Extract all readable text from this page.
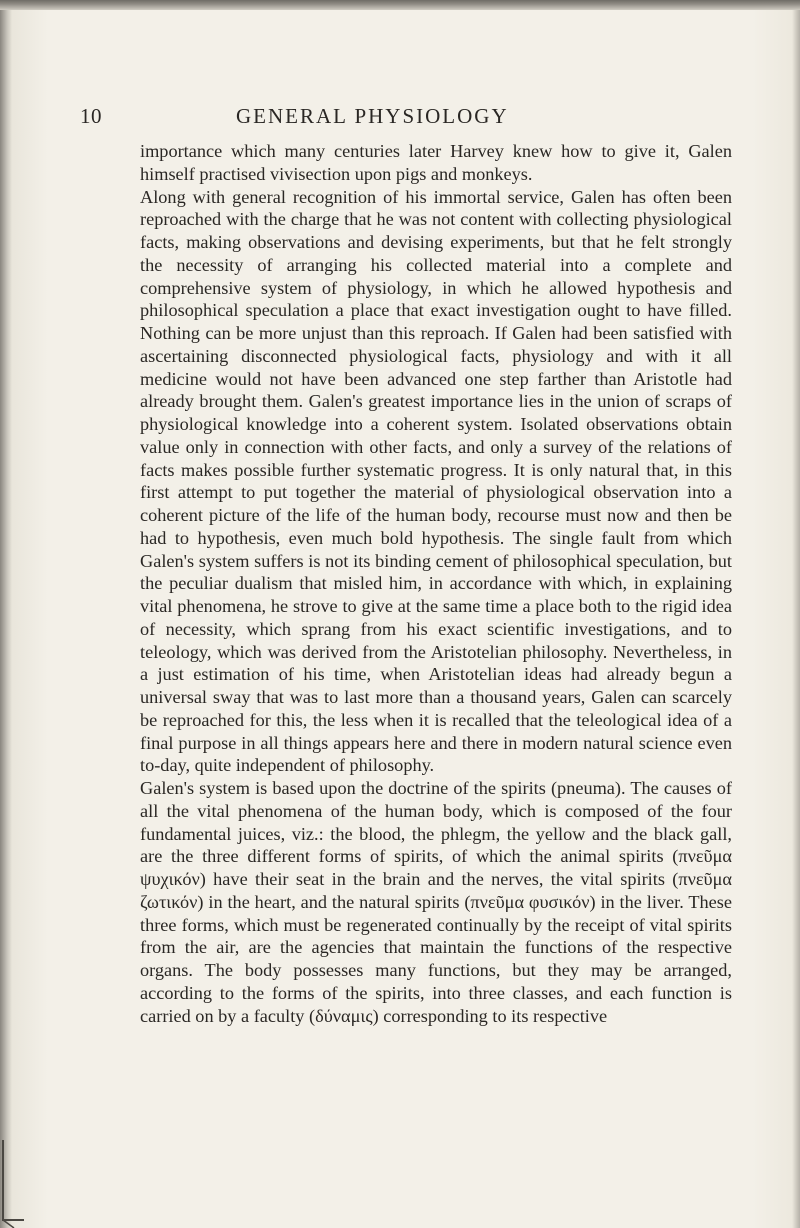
10	GENERAL PHYSIOLOGY

importance which many centuries later Harvey knew how to give it, Galen himself practised vivisection upon pigs and monkeys.

Along with general recognition of his immortal service, Galen has often been reproached with the charge that he was not content with collecting physiological facts, making observations and devising experiments, but that he felt strongly the necessity of arranging his collected material into a complete and comprehensive system of physiology, in which he allowed hypothesis and philosophical speculation a place that exact investigation ought to have filled. Nothing can be more unjust than this reproach. If Galen had been satisfied with ascertaining disconnected physiological facts, physiology and with it all medicine would not have been advanced one step farther than Aristotle had already brought them. Galen's greatest importance lies in the union of scraps of physiological knowledge into a coherent system. Isolated observations obtain value only in connection with other facts, and only a survey of the relations of facts makes possible further systematic progress. It is only natural that, in this first attempt to put together the material of physiological observation into a coherent picture of the life of the human body, recourse must now and then be had to hypothesis, even much bold hypothesis. The single fault from which Galen's system suffers is not its binding cement of philosophical speculation, but the peculiar dualism that misled him, in accordance with which, in explaining vital phenomena, he strove to give at the same time a place both to the rigid idea of necessity, which sprang from his exact scientific investigations, and to teleology, which was derived from the Aristotelian philosophy. Nevertheless, in a just estimation of his time, when Aristotelian ideas had already begun a universal sway that was to last more than a thousand years, Galen can scarcely be reproached for this, the less when it is recalled that the teleological idea of a final purpose in all things appears here and there in modern natural science even to-day, quite independent of philosophy.

Galen's system is based upon the doctrine of the spirits (pneuma). The causes of all the vital phenomena of the human body, which is composed of the four fundamental juices, viz.: the blood, the phlegm, the yellow and the black gall, are the three different forms of spirits, of which the animal spirits (πνεῦμα ψυχικόν) have their seat in the brain and the nerves, the vital spirits (πνεῦμα ζωτικόν) in the heart, and the natural spirits (πνεῦμα φυσικόν) in the liver. These three forms, which must be regenerated continually by the receipt of vital spirits from the air, are the agencies that maintain the functions of the respective organs. The body possesses many functions, but they may be arranged, according to the forms of the spirits, into three classes, and each function is carried on by a faculty (δύναμις) corresponding to its respective
